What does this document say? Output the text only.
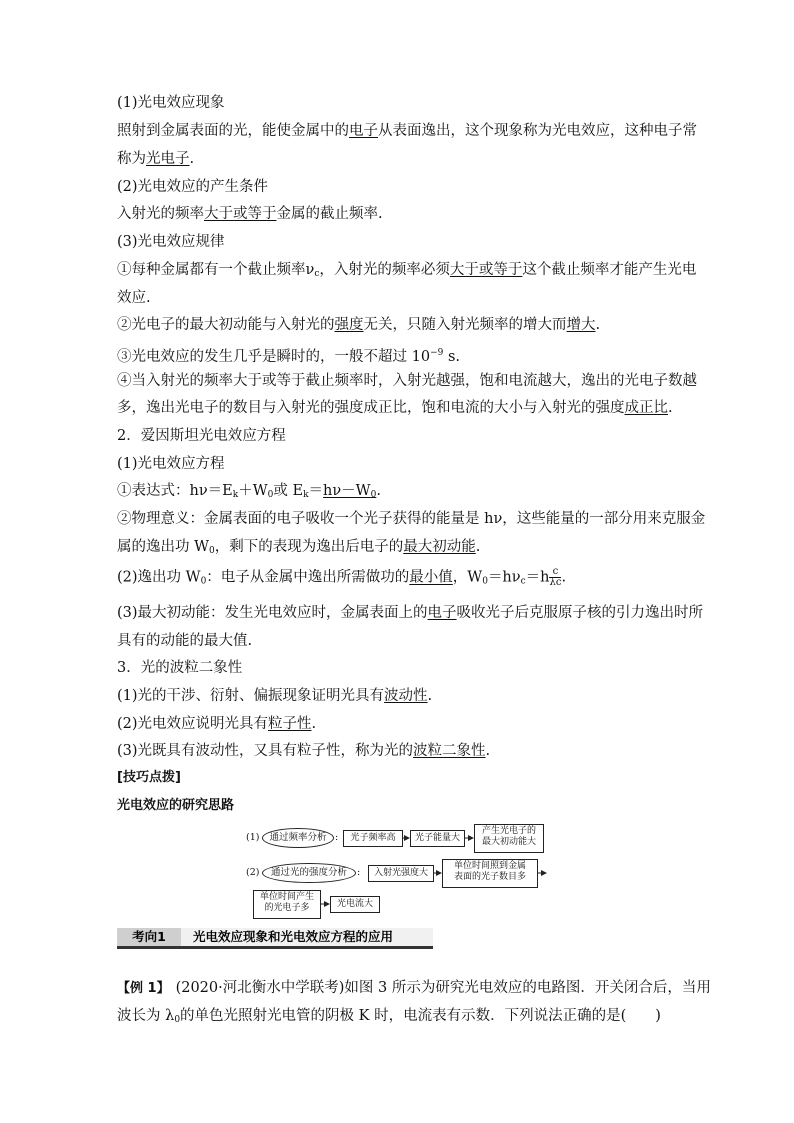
(1)光电效应现象
照射到金属表面的光，能使金属中的电子从表面逸出，这个现象称为光电效应，这种电子常
称为光电子.
(2)光电效应的产生条件
入射光的频率大于或等于金属的截止频率.
(3)光电效应规律
①每种金属都有一个截止频率$\nu_c$，入射光的频率必须大于或等于这个截止频率才能产生光电
效应.
②光电子的最大初动能与入射光的强度无关，只随入射光频率的增大而增大.
③光电效应的发生几乎是瞬时的，一般不超过 $10^{-9}$ s.
④当入射光的频率大于或等于截止频率时，入射光越强，饱和电流越大，逸出的光电子数越
多，逸出光电子的数目与入射光的强度成正比，饱和电流的大小与入射光的强度成正比.
2．爱因斯坦光电效应方程
(1)光电效应方程
①表达式：$h\nu=E_k+W_0$或 $E_k=h\nu-W_0$.
②物理意义：金属表面的电子吸收一个光子获得的能量是 hν，这些能量的一部分用来克服金
属的逸出功 $W_0$，剩下的表现为逸出后电子的最大初动能.
(2)逸出功 $W_0$：电子从金属中逸出所需做功的最小值，$W_0=h\nu_c=h \frac{c}{\lambda c}$ .
(3)最大初动能：发生光电效应时，金属表面上的电子吸收光子后克服原子核的引力逸出时所
具有的动能的最大值.
3．光的波粒二象性
(1)光的干涉、衍射、偏振现象证明光具有波动性.
(2)光电效应说明光具有粒子性.
(3)光既具有波动性，又具有粒子性，称为光的波粒二象性.
[技巧点拨]
光电效应的研究思路
(1)	通过频率分析 :	光子频率高	光子能量大
产生光电子的
最大初动能大
(2)	通过光的强度分析	:	入射光强度大
单位时间照到金属
表面的光子数目多
单位时间产生
的光电子多	光电流大
考向1	光电效应现象和光电效应方程的应用
【例 1】 (2020·河北衡水中学联考)如图 3 所示为研究光电效应的电路图．开关闭合后，当用
波长为 $\lambda_0$的单色光照射光电管的阴极 K 时，电流表有示数．下列说法正确的是(　　)
